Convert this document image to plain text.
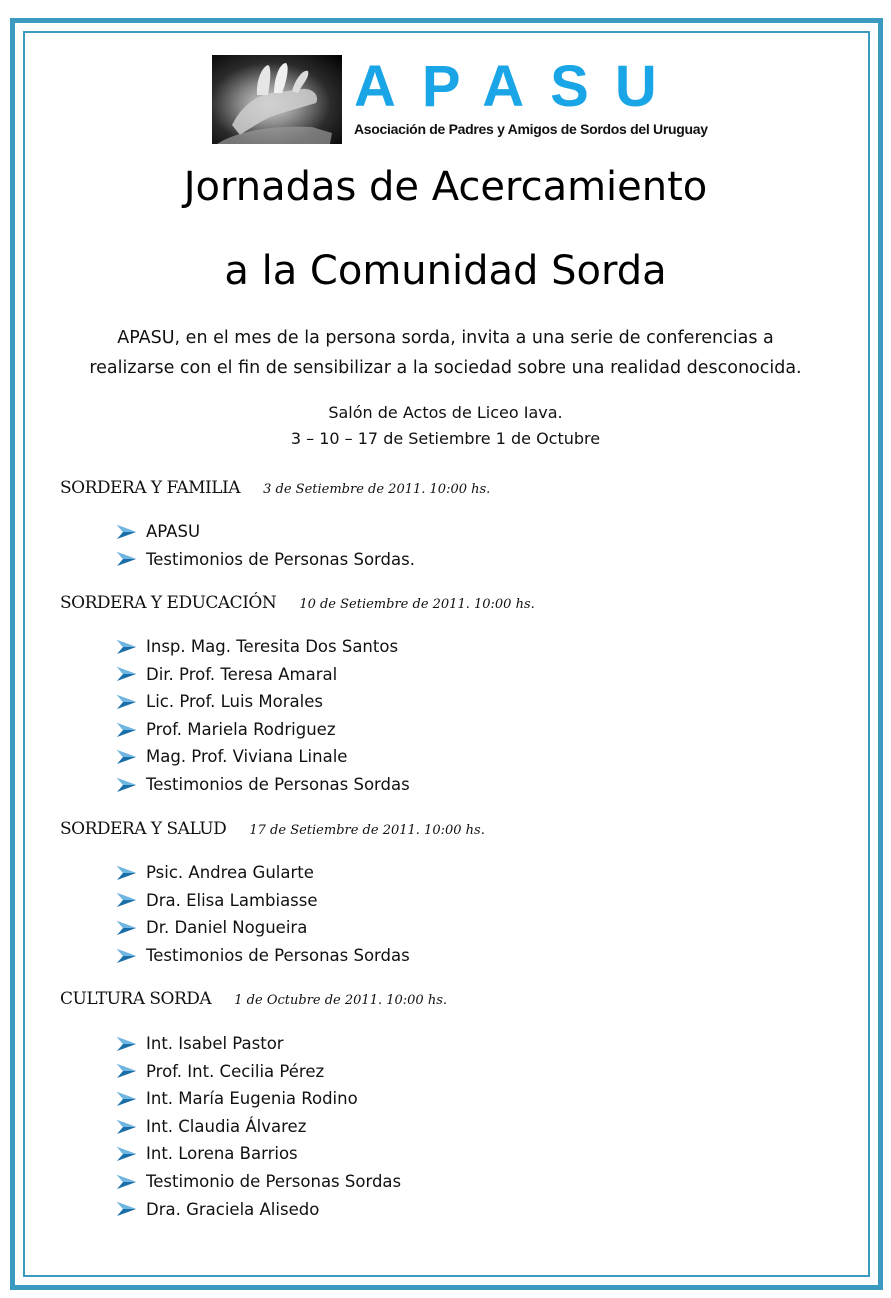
APASU
Asociación de Padres y Amigos de Sordos del Uruguay
Jornadas de Acercamiento
a la Comunidad Sorda
APASU, en el mes de la persona sorda, invita a una serie de conferencias a
realizarse con el fin de sensibilizar a la sociedad sobre una realidad desconocida.
Salón de Actos de Liceo Iava.
3 – 10 – 17 de Setiembre 1 de Octubre
SORDERA Y FAMILIA 3 de Setiembre de 2011. 10:00 hs.
APASU
Testimonios de Personas Sordas.
SORDERA Y EDUCACIÓN 10 de Setiembre de 2011. 10:00 hs.
Insp. Mag. Teresita Dos Santos
Dir. Prof. Teresa Amaral
Lic. Prof. Luis Morales
Prof. Mariela Rodriguez
Mag. Prof. Viviana Linale
Testimonios de Personas Sordas
SORDERA Y SALUD 17 de Setiembre de 2011. 10:00 hs.
Psic. Andrea Gularte
Dra. Elisa Lambiasse
Dr. Daniel Nogueira
Testimonios de Personas Sordas
CULTURA SORDA 1 de Octubre de 2011. 10:00 hs.
Int. Isabel Pastor
Prof. Int. Cecilia Pérez
Int. María Eugenia Rodino
Int. Claudia Álvarez
Int. Lorena Barrios
Testimonio de Personas Sordas
Dra. Graciela Alisedo
